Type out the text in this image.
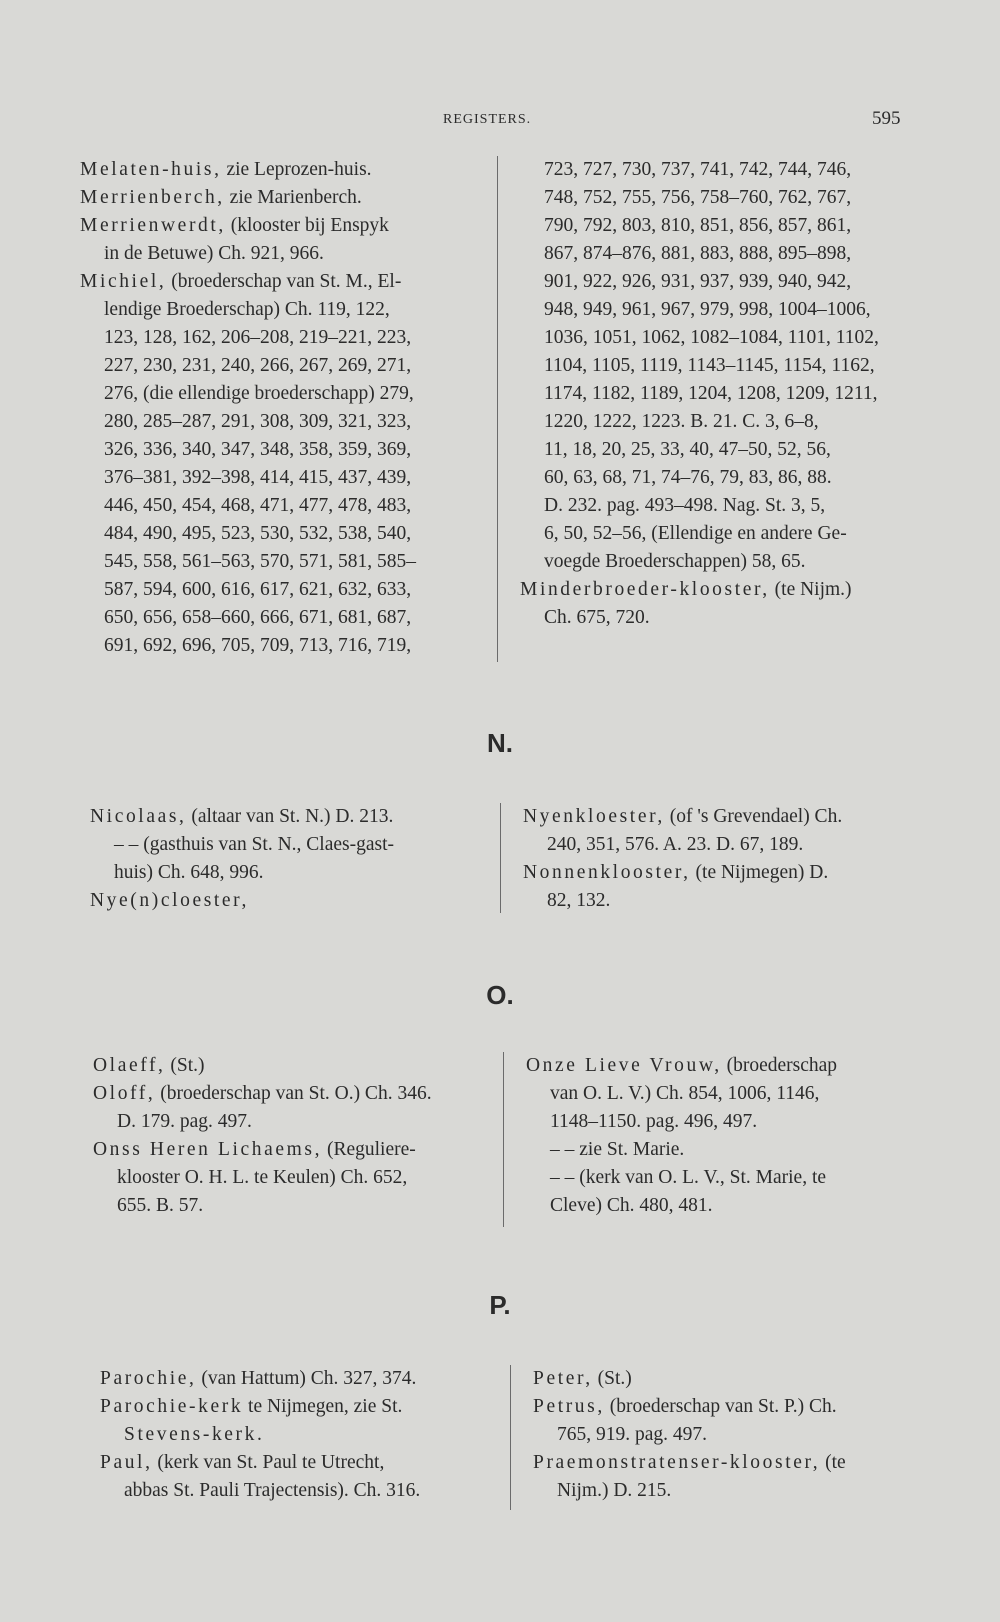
REGISTERS.	595
Melaten-huis, zie Leprozen-huis.
Merrienberch, zie Marienberch.
Merrienwerdt, (klooster bij Enspyk
in de Betuwe) Ch. 921, 966.
Michiel, (broederschap van St. M., El-
lendige Broederschap) Ch. 119, 122,
123, 128, 162, 206–208, 219–221, 223,
227, 230, 231, 240, 266, 267, 269, 271,
276, (die ellendige broederschapp) 279,
280, 285–287, 291, 308, 309, 321, 323,
326, 336, 340, 347, 348, 358, 359, 369,
376–381, 392–398, 414, 415, 437, 439,
446, 450, 454, 468, 471, 477, 478, 483,
484, 490, 495, 523, 530, 532, 538, 540,
545, 558, 561–563, 570, 571, 581, 585–
587, 594, 600, 616, 617, 621, 632, 633,
650, 656, 658–660, 666, 671, 681, 687,
691, 692, 696, 705, 709, 713, 716, 719,
723, 727, 730, 737, 741, 742, 744, 746,
748, 752, 755, 756, 758–760, 762, 767,
790, 792, 803, 810, 851, 856, 857, 861,
867, 874–876, 881, 883, 888, 895–898,
901, 922, 926, 931, 937, 939, 940, 942,
948, 949, 961, 967, 979, 998, 1004–1006,
1036, 1051, 1062, 1082–1084, 1101, 1102,
1104, 1105, 1119, 1143–1145, 1154, 1162,
1174, 1182, 1189, 1204, 1208, 1209, 1211,
1220, 1222, 1223. B. 21. C. 3, 6–8,
11, 18, 20, 25, 33, 40, 47–50, 52, 56,
60, 63, 68, 71, 74–76, 79, 83, 86, 88.
D. 232. pag. 493–498. Nag. St. 3, 5,
6, 50, 52–56, (Ellendige en andere Ge-
voegde Broederschappen) 58, 65.
Minderbroeder-klooster, (te Nijm.)
Ch. 675, 720.
N.
Nicolaas, (altaar van St. N.) D. 213.
– – (gasthuis van St. N., Claes-gast-
huis) Ch. 648, 996.
Nye(n)cloester,
Nyenkloester, (of 's Grevendael) Ch.
240, 351, 576. A. 23. D. 67, 189.
Nonnenklooster, (te Nijmegen) D.
82, 132.
O.
Olaeff, (St.)
Oloff, (broederschap van St. O.) Ch. 346.
D. 179. pag. 497.
Onss Heren Lichaems, (Reguliere-
klooster O. H. L. te Keulen) Ch. 652,
655. B. 57.
Onze Lieve Vrouw, (broederschap
van O. L. V.) Ch. 854, 1006, 1146,
1148–1150. pag. 496, 497.
– – zie St. Marie.
– – (kerk van O. L. V., St. Marie, te
Cleve) Ch. 480, 481.
P.
Parochie, (van Hattum) Ch. 327, 374.
Parochie-kerk te Nijmegen, zie St.
Stevens-kerk.
Paul, (kerk van St. Paul te Utrecht,
abbas St. Pauli Trajectensis). Ch. 316.
Peter, (St.)
Petrus, (broederschap van St. P.) Ch.
765, 919. pag. 497.
Praemonstratenser-klooster, (te
Nijm.) D. 215.
